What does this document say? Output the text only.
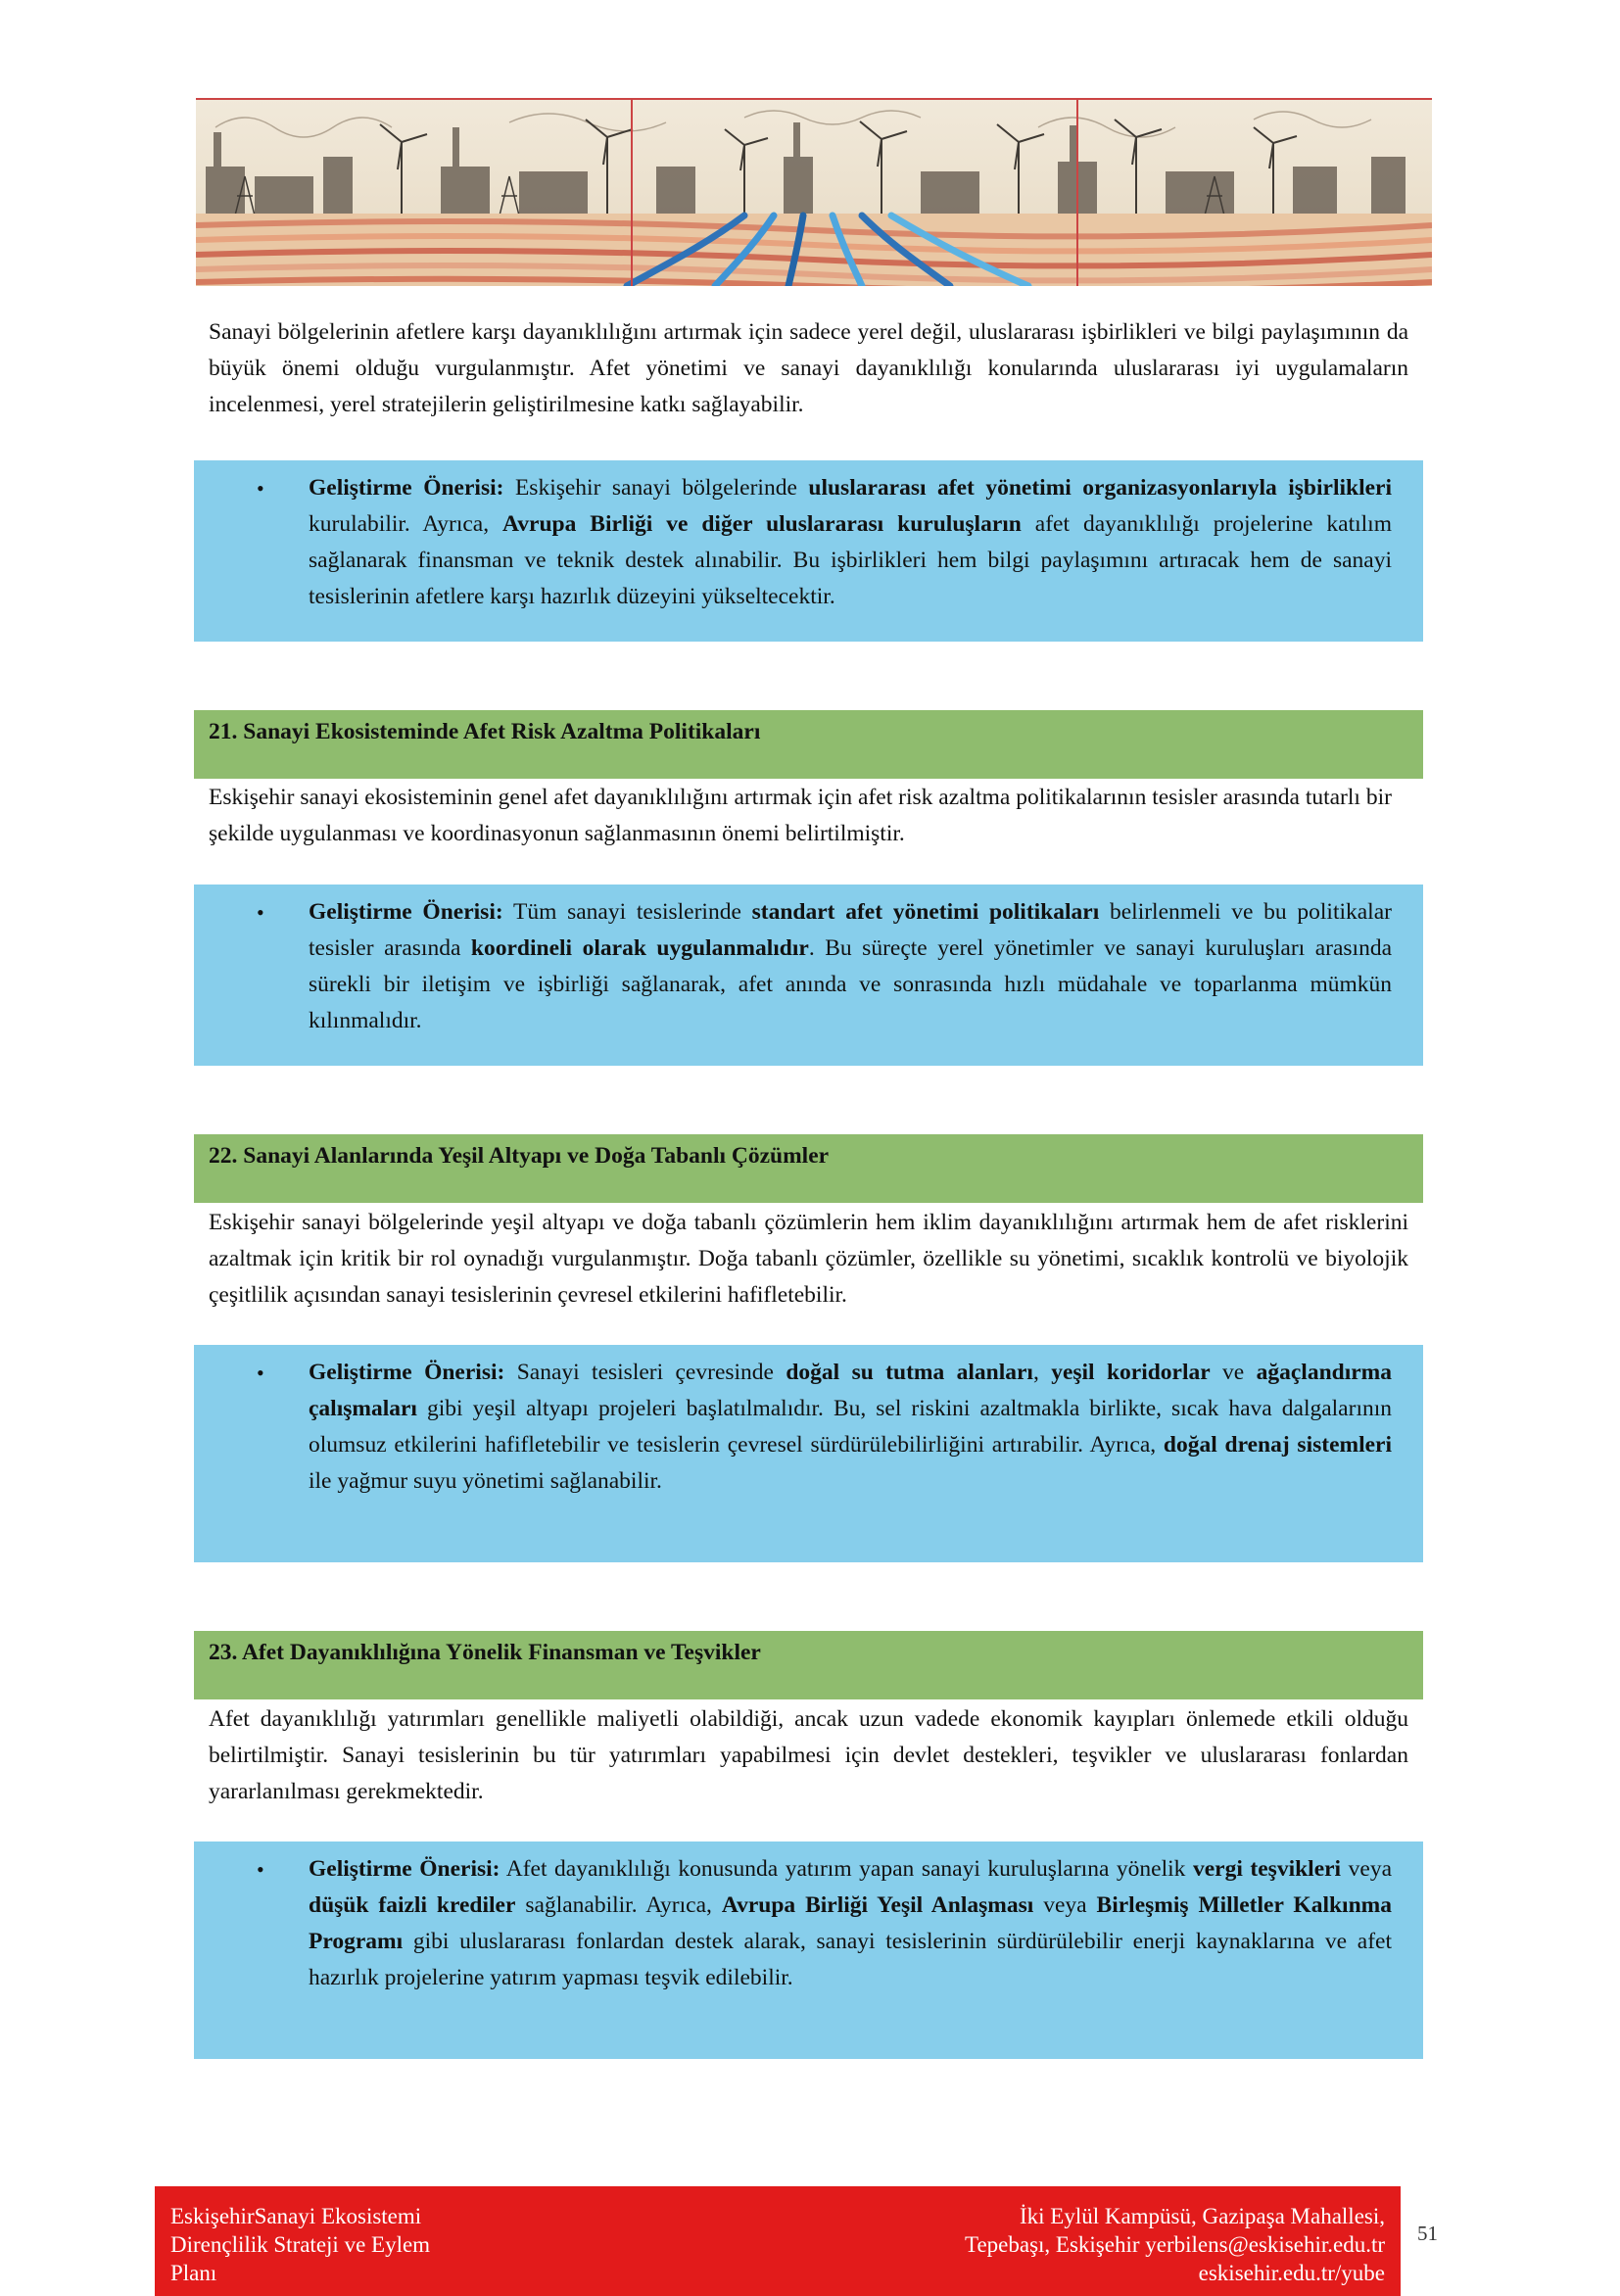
Sanayi bölgelerinin afetlere karşı dayanıklılığını artırmak için sadece yerel değil, uluslararası işbirlikleri ve bilgi paylaşımının da büyük önemi olduğu vurgulanmıştır. Afet yönetimi ve sanayi dayanıklılığı konularında uluslararası iyi uygulamaların incelenmesi, yerel stratejilerin geliştirilmesine katkı sağlayabilir.

• Geliştirme Önerisi: Eskişehir sanayi bölgelerinde uluslararası afet yönetimi organizasyonlarıyla işbirlikleri kurulabilir. Ayrıca, Avrupa Birliği ve diğer uluslararası kuruluşların afet dayanıklılığı projelerine katılım sağlanarak finansman ve teknik destek alınabilir. Bu işbirlikleri hem bilgi paylaşımını artıracak hem de sanayi tesislerinin afetlere karşı hazırlık düzeyini yükseltecektir.
21. Sanayi Ekosisteminde Afet Risk Azaltma Politikaları

Eskişehir sanayi ekosisteminin genel afet dayanıklılığını artırmak için afet risk azaltma politikalarının tesisler arasında tutarlı bir şekilde uygulanması ve koordinasyonun sağlanmasının önemi belirtilmiştir.

• Geliştirme Önerisi: Tüm sanayi tesislerinde standart afet yönetimi politikaları belirlenmeli ve bu politikalar tesisler arasında koordineli olarak uygulanmalıdır. Bu süreçte yerel yönetimler ve sanayi kuruluşları arasında sürekli bir iletişim ve işbirliği sağlanarak, afet anında ve sonrasında hızlı müdahale ve toparlanma mümkün kılınmalıdır.
22. Sanayi Alanlarında Yeşil Altyapı ve Doğa Tabanlı Çözümler

Eskişehir sanayi bölgelerinde yeşil altyapı ve doğa tabanlı çözümlerin hem iklim dayanıklılığını artırmak hem de afet risklerini azaltmak için kritik bir rol oynadığı vurgulanmıştır. Doğa tabanlı çözümler, özellikle su yönetimi, sıcaklık kontrolü ve biyolojik çeşitlilik açısından sanayi tesislerinin çevresel etkilerini hafifletebilir.

• Geliştirme Önerisi: Sanayi tesisleri çevresinde doğal su tutma alanları, yeşil koridorlar ve ağaçlandırma çalışmaları gibi yeşil altyapı projeleri başlatılmalıdır. Bu, sel riskini azaltmakla birlikte, sıcak hava dalgalarının olumsuz etkilerini hafifletebilir ve tesislerin çevresel sürdürülebilirliğini artırabilir. Ayrıca, doğal drenaj sistemleri ile yağmur suyu yönetimi sağlanabilir.
23. Afet Dayanıklılığına Yönelik Finansman ve Teşvikler

Afet dayanıklılığı yatırımları genellikle maliyetli olabildiği, ancak uzun vadede ekonomik kayıpları önlemede etkili olduğu belirtilmiştir. Sanayi tesislerinin bu tür yatırımları yapabilmesi için devlet destekleri, teşvikler ve uluslararası fonlardan yararlanılması gerekmektedir.

• Geliştirme Önerisi: Afet dayanıklılığı konusunda yatırım yapan sanayi kuruluşlarına yönelik vergi teşvikleri veya düşük faizli krediler sağlanabilir. Ayrıca, Avrupa Birliği Yeşil Anlaşması veya Birleşmiş Milletler Kalkınma Programı gibi uluslararası fonlardan destek alarak, sanayi tesislerinin sürdürülebilir enerji kaynaklarına ve afet hazırlık projelerine yatırım yapması teşvik edilebilir.
EskişehirSanayi Ekosistemi
Dirençlilik Strateji ve Eylem
Planı
İki Eylül Kampüsü, Gazipaşa Mahallesi,
Tepebaşı, Eskişehir yerbilens@eskisehir.edu.tr
eskisehir.edu.tr/yube
51
